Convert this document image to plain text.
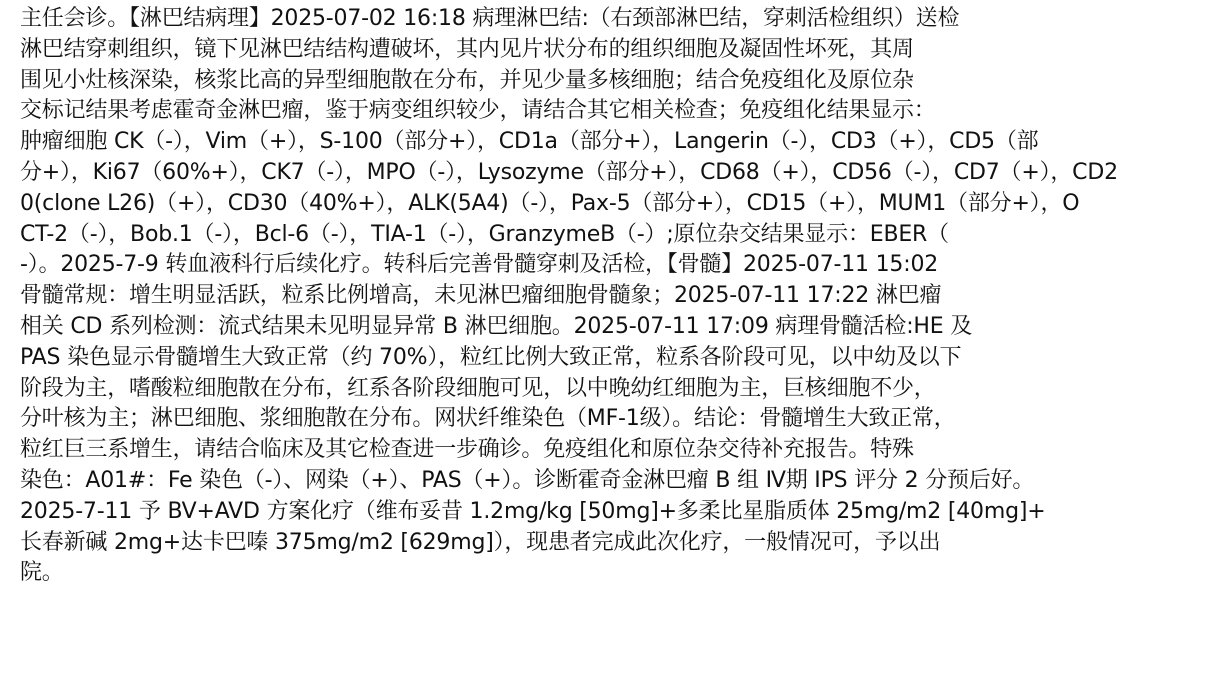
主任会诊。【淋巴结病理】2025-07-02 16:18 病理淋巴结:（右颈部淋巴结，穿刺活检组织）送检
淋巴结穿刺组织，镜下见淋巴结结构遭破坏，其内见片状分布的组织细胞及凝固性坏死，其周
围见小灶核深染，核浆比高的异型细胞散在分布，并见少量多核细胞；结合免疫组化及原位杂
交标记结果考虑霍奇金淋巴瘤，鉴于病变组织较少，请结合其它相关检查；免疫组化结果显示：
肿瘤细胞 CK（-），Vim（+），S-100（部分+），CD1a（部分+），Langerin（-），CD3（+），CD5（部
分+），Ki67（60%+），CK7（-），MPO（-），Lysozyme（部分+），CD68（+），CD56（-），CD7（+），CD2
0(clone L26)（+），CD30（40%+），ALK(5A4)（-），Pax-5（部分+），CD15（+），MUM1（部分+），O
CT-2（-），Bob.1（-），Bcl-6（-），TIA-1（-），GranzymeB（-）;原位杂交结果显示：EBER（
-）。2025-7-9 转血液科行后续化疗。转科后完善骨髓穿刺及活检，【骨髓】2025-07-11 15:02
骨髓常规：增生明显活跃，粒系比例增高，未见淋巴瘤细胞骨髓象；2025-07-11 17:22 淋巴瘤
相关 CD 系列检测：流式结果未见明显异常 B 淋巴细胞。2025-07-11 17:09 病理骨髓活检:HE 及
PAS 染色显示骨髓增生大致正常（约 70%），粒红比例大致正常，粒系各阶段可见，以中幼及以下
阶段为主，嗜酸粒细胞散在分布，红系各阶段细胞可见，以中晚幼红细胞为主，巨核细胞不少，
分叶核为主；淋巴细胞、浆细胞散在分布。网状纤维染色（MF-1级）。结论：骨髓增生大致正常，
粒红巨三系增生，请结合临床及其它检查进一步确诊。免疫组化和原位杂交待补充报告。特殊
染色：A01#：Fe 染色（-）、网染（+）、PAS（+）。诊断霍奇金淋巴瘤 B 组 Ⅳ期 IPS 评分 2 分预后好。
2025-7-11 予 BV+AVD 方案化疗（维布妥昔 1.2mg/kg [50mg]+多柔比星脂质体 25mg/m2 [40mg]+
长春新碱 2mg+达卡巴嗪 375mg/m2 [629mg]），现患者完成此次化疗，一般情况可，予以出
院。
